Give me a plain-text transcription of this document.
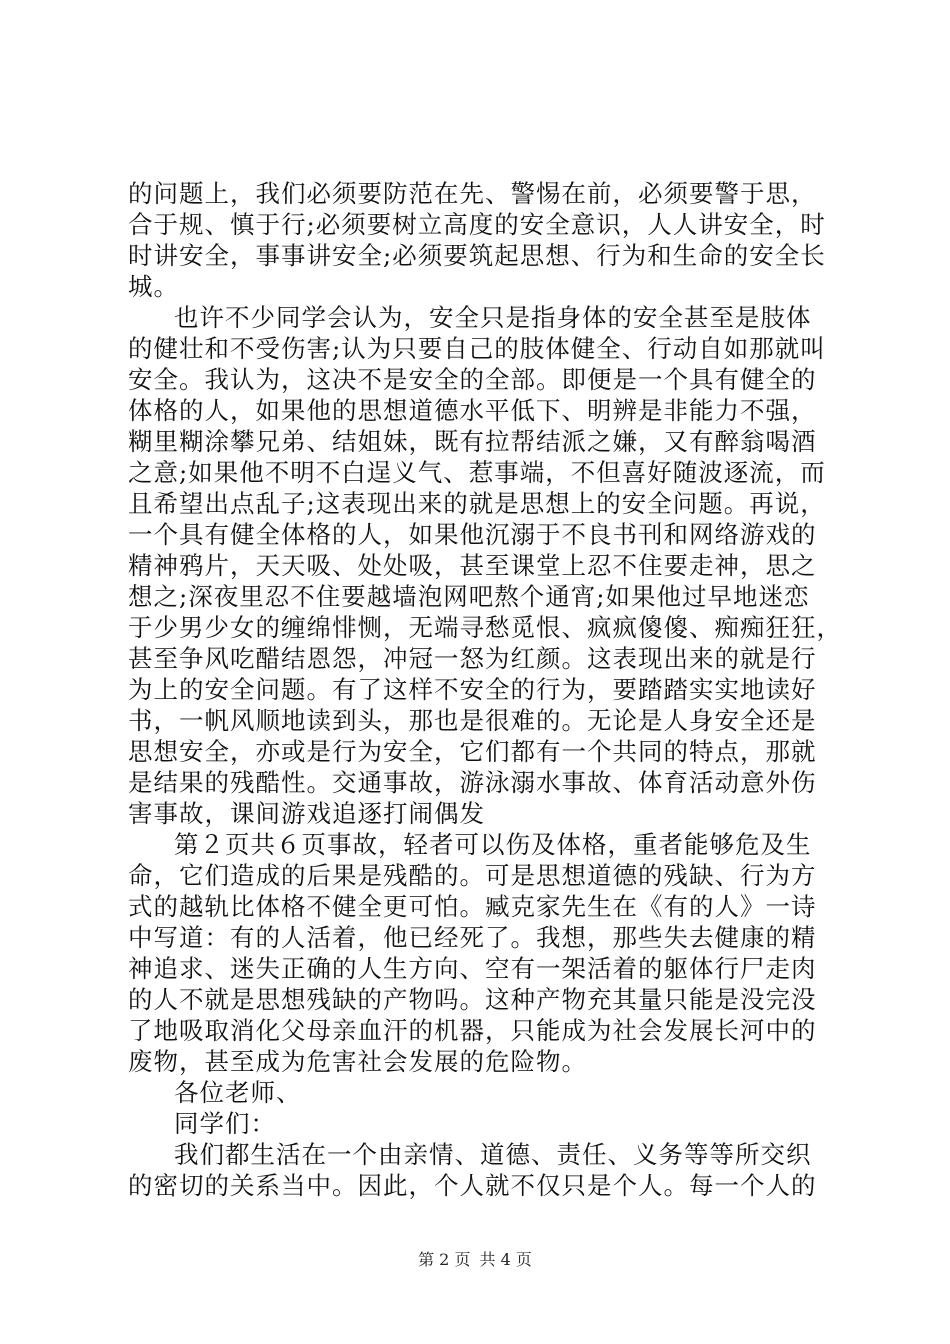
的问题上，我们必须要防范在先、警惕在前，必须要警于思，
合于规、慎于行;必须要树立高度的安全意识，人人讲安全，时
时讲安全，事事讲安全;必须要筑起思想、行为和生命的安全长
城。
也许不少同学会认为，安全只是指身体的安全甚至是肢体
的健壮和不受伤害;认为只要自己的肢体健全、行动自如那就叫
安全。我认为，这决不是安全的全部。即便是一个具有健全的
体格的人，如果他的思想道德水平低下、明辨是非能力不强，
糊里糊涂攀兄弟、结姐妹，既有拉帮结派之嫌，又有醉翁喝酒
之意;如果他不明不白逞义气、惹事端，不但喜好随波逐流，而
且希望出点乱子;这表现出来的就是思想上的安全问题。再说，
一个具有健全体格的人，如果他沉溺于不良书刊和网络游戏的
精神鸦片，天天吸、处处吸，甚至课堂上忍不住要走神，思之
想之;深夜里忍不住要越墙泡网吧熬个通宵;如果他过早地迷恋
于少男少女的缠绵悱恻，无端寻愁觅恨、疯疯傻傻、痴痴狂狂，
甚至争风吃醋结恩怨，冲冠一怒为红颜。这表现出来的就是行
为上的安全问题。有了这样不安全的行为，要踏踏实实地读好
书，一帆风顺地读到头，那也是很难的。无论是人身安全还是
思想安全，亦或是行为安全，它们都有一个共同的特点，那就
是结果的残酷性。交通事故，游泳溺水事故、体育活动意外伤
害事故，课间游戏追逐打闹偶发
第２页共６页事故，轻者可以伤及体格，重者能够危及生
命，它们造成的后果是残酷的。可是思想道德的残缺、行为方
式的越轨比体格不健全更可怕。臧克家先生在《有的人》一诗
中写道：有的人活着，他已经死了。我想，那些失去健康的精
神追求、迷失正确的人生方向、空有一架活着的躯体行尸走肉
的人不就是思想残缺的产物吗。这种产物充其量只能是没完没
了地吸取消化父母亲血汗的机器，只能成为社会发展长河中的
废物，甚至成为危害社会发展的危险物。
各位老师、
同学们：
我们都生活在一个由亲情、道德、责任、义务等等所交织
的密切的关系当中。因此，个人就不仅只是个人。每一个人的
第 2 页 共 4 页
